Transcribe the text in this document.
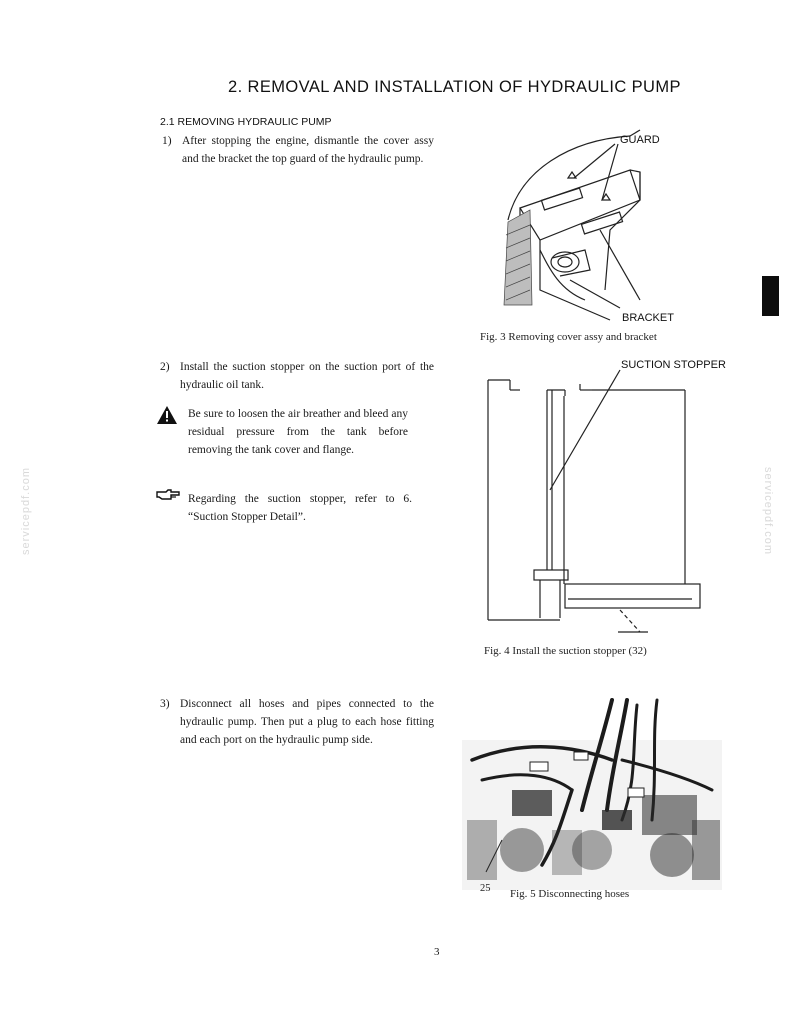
2. REMOVAL AND INSTALLATION OF HYDRAULIC PUMP
2.1 REMOVING HYDRAULIC PUMP
1) After stopping the engine, dismantle the cover assy and the bracket the top guard of the hydraulic pump.
2) Install the suction stopper on the suction port of the hydraulic oil tank.
Be sure to loosen the air breather and bleed any residual pressure from the tank before removing the tank cover and flange.
Regarding the suction stopper, refer to 6. “Suction Stopper Detail”.
3) Disconnect all hoses and pipes connected to the hydraulic pump. Then put a plug to each hose fitting and each port on the hydraulic pump side.
GUARD
BRACKET
Fig. 3 Removing cover assy and bracket
SUCTION STOPPER
Fig. 4 Install the suction stopper (32)
25 Fig. 5 Disconnecting hoses
servicepdf.com	servicepdf.com
3
